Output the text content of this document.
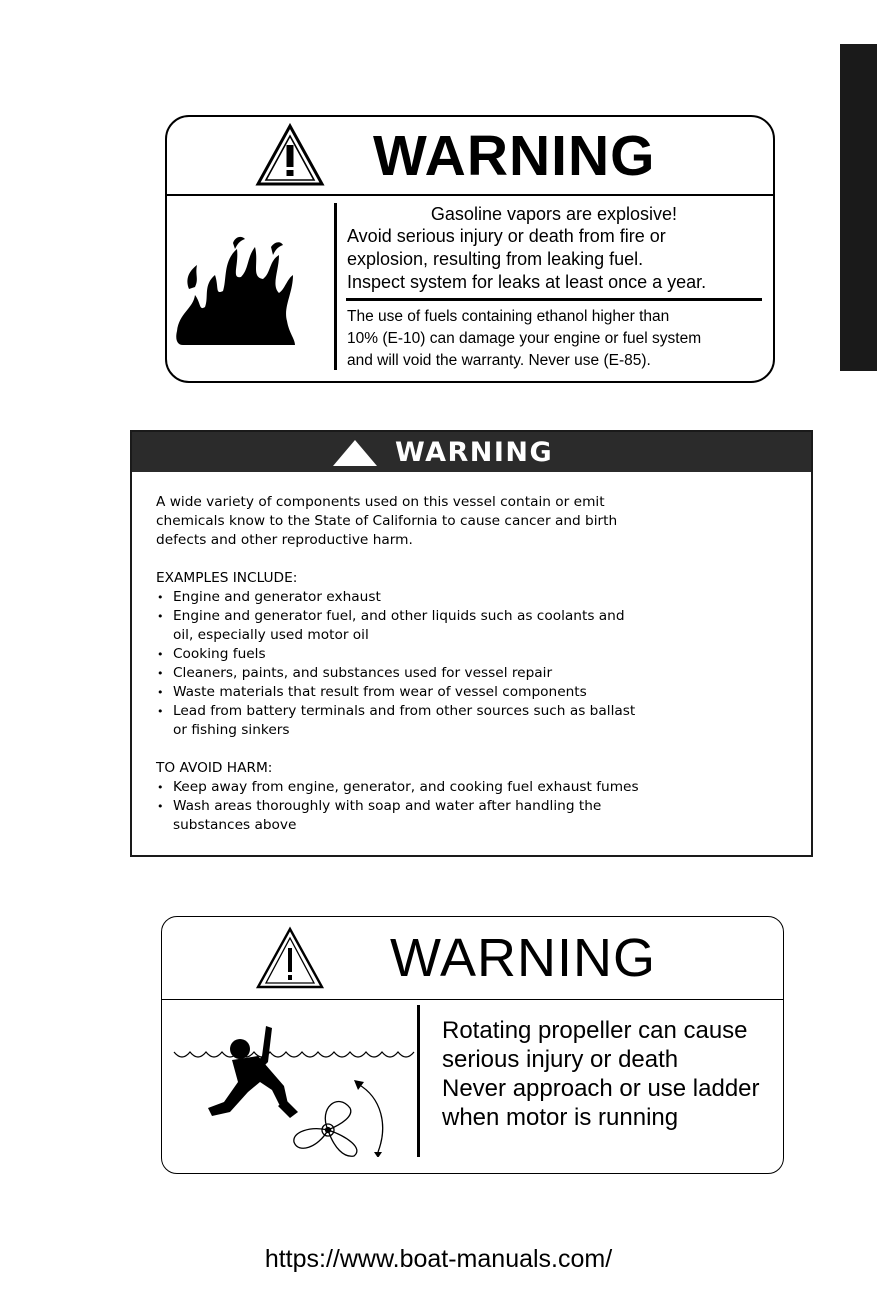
WARNING
Gasoline vapors are explosive!
Avoid serious injury or death from fire or
explosion, resulting from leaking fuel.
Inspect system for leaks at least once a year.
The use of fuels containing ethanol higher than
10% (E-10) can damage your engine or fuel system
and will void the warranty. Never use (E-85).
WARNING

A wide variety of components used on this vessel contain or emit
chemicals know to the State of California to cause cancer and birth
defects and other reproductive harm.

EXAMPLES INCLUDE:

• Engine and generator exhaust
• Engine and generator fuel, and other liquids such as coolants and
oil, especially used motor oil
• Cooking fuels
• Cleaners, paints, and substances used for vessel repair
• Waste materials that result from wear of vessel components
• Lead from battery terminals and from other sources such as ballast
or fishing sinkers

TO AVOID HARM:

• Keep away from engine, generator, and cooking fuel exhaust fumes
• Wash areas thoroughly with soap and water after handling the
substances above
WARNING
Rotating propeller can cause
serious injury or death
Never approach or use ladder
when motor is running
https://www.boat-manuals.com/
